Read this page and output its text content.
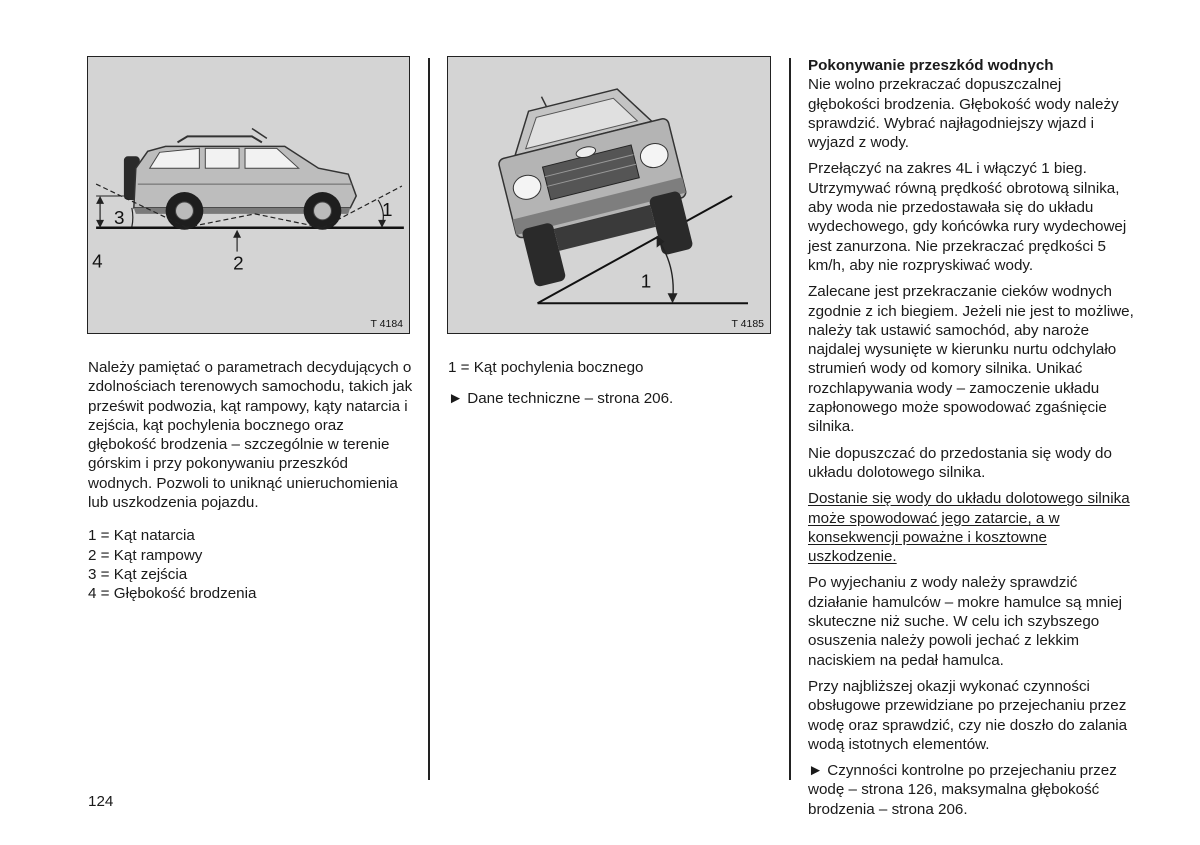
3	1
4	2
T 4184
1
T 4185

Należy pamiętać o parametrach decydujących o zdolnościach terenowych samochodu, takich jak prześwit podwozia, kąt rampowy, kąty natarcia i zejścia, kąt pochylenia bocznego oraz głębokość brodzenia – szczególnie w terenie górskim i przy pokonywaniu przeszkód wodnych. Pozwoli to uniknąć unieruchomienia lub uszkodzenia pojazdu.

1 = Kąt natarcia
2 = Kąt rampowy
3 = Kąt zejścia
4 = Głębokość brodzenia
1 = Kąt pochylenia bocznego

► Dane techniczne – strona 206.

Pokonywanie przeszkód wodnych

Nie wolno przekraczać dopuszczalnej głębokości brodzenia. Głębokość wody należy sprawdzić. Wybrać najłagodniejszy wjazd i wyjazd z wody.

Przełączyć na zakres 4L i włączyć 1 bieg. Utrzymywać równą prędkość obrotową silnika, aby woda nie przedostawała się do układu wydechowego, gdy końcówka rury wydechowej jest zanurzona. Nie przekraczać prędkości 5 km/h, aby nie rozpryskiwać wody.

Zalecane jest przekraczanie cieków wodnych zgodnie z ich biegiem. Jeżeli nie jest to możliwe, należy tak ustawić samochód, aby naroże najdalej wysunięte w kierunku nurtu odchylało strumień wody od komory silnika. Unikać rozchlapywania wody – zamoczenie układu zapłonowego może spowodować zgaśnięcie silnika.

Nie dopuszczać do przedostania się wody do układu dolotowego silnika.

Dostanie się wody do układu dolotowego silnika może spowodować jego zatarcie, a w konsekwencji poważne i kosztowne uszkodzenie.

Po wyjechaniu z wody należy sprawdzić działanie hamulców – mokre hamulce są mniej skuteczne niż suche. W celu ich szybszego osuszenia należy powoli jechać z lekkim naciskiem na pedał hamulca.

Przy najbliższej okazji wykonać czynności obsługowe przewidziane po przejechaniu przez wodę oraz sprawdzić, czy nie doszło do zalania wodą istotnych elementów.

► Czynności kontrolne po przejechaniu przez wodę – strona 126, maksymalna głębokość brodzenia – strona 206.

124
